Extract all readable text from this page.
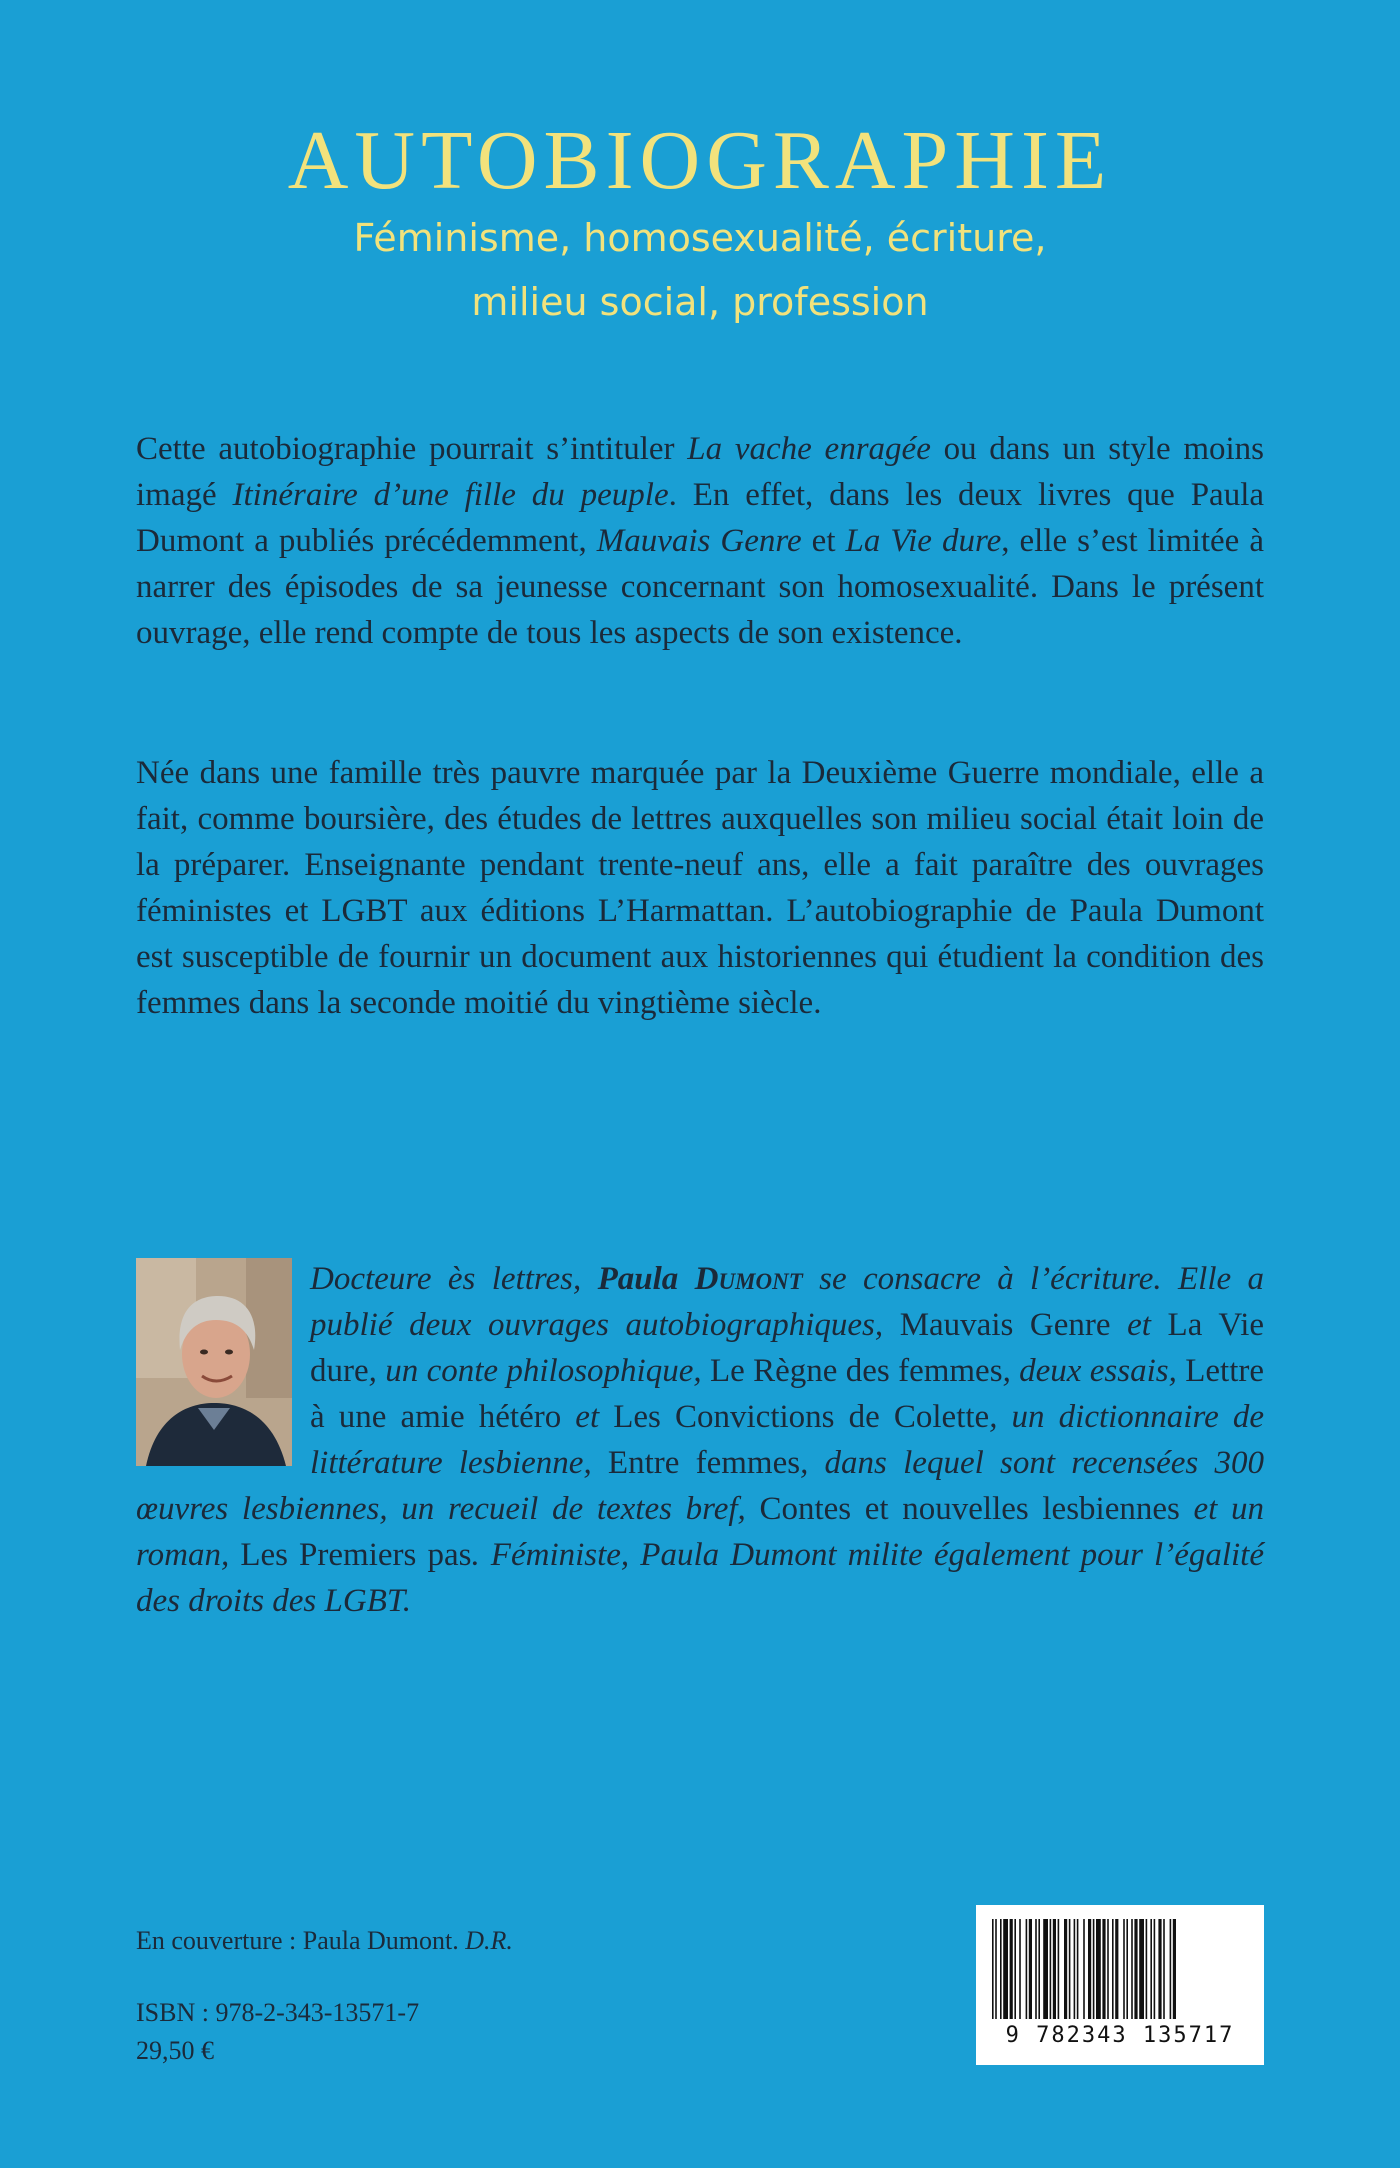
AUTOBIOGRAPHIE
Féminisme, homosexualité, écriture,
milieu social, profession

Cette autobiographie pourrait s’intituler La vache enragée ou dans un style moins imagé Itinéraire d’une fille du peuple. En effet, dans les deux livres que Paula Dumont a publiés précédemment, Mauvais Genre et La Vie dure, elle s’est limitée à narrer des épisodes de sa jeunesse concernant son homosexualité. Dans le présent ouvrage, elle rend compte de tous les aspects de son existence.

Née dans une famille très pauvre marquée par la Deuxième Guerre mondiale, elle a fait, comme boursière, des études de lettres auxquelles son milieu social était loin de la préparer. Enseignante pendant trente-neuf ans, elle a fait paraître des ouvrages féministes et LGBT aux éditions L’Harmattan. L’autobiographie de Paula Dumont est susceptible de fournir un document aux historiennes qui étudient la condition des femmes dans la seconde moitié du vingtième siècle.

Docteure ès lettres, Paula Dumont se consacre à l’écriture. Elle a publié deux ouvrages autobiographiques, Mauvais Genre et La Vie dure, un conte philosophique, Le Règne des femmes, deux essais, Lettre à une amie hétéro et Les Convictions de Colette, un dictionnaire de littérature lesbienne, Entre femmes, dans lequel sont recensées 300 œuvres lesbiennes, un recueil de textes bref, Contes et nouvelles lesbiennes et un roman, Les Premiers pas. Féministe, Paula Dumont milite également pour l’égalité des droits des LGBT.

En couverture : Paula Dumont. D.R.
ISBN : 978-2-343-13571-7
29,50 €
9 782343 135717
